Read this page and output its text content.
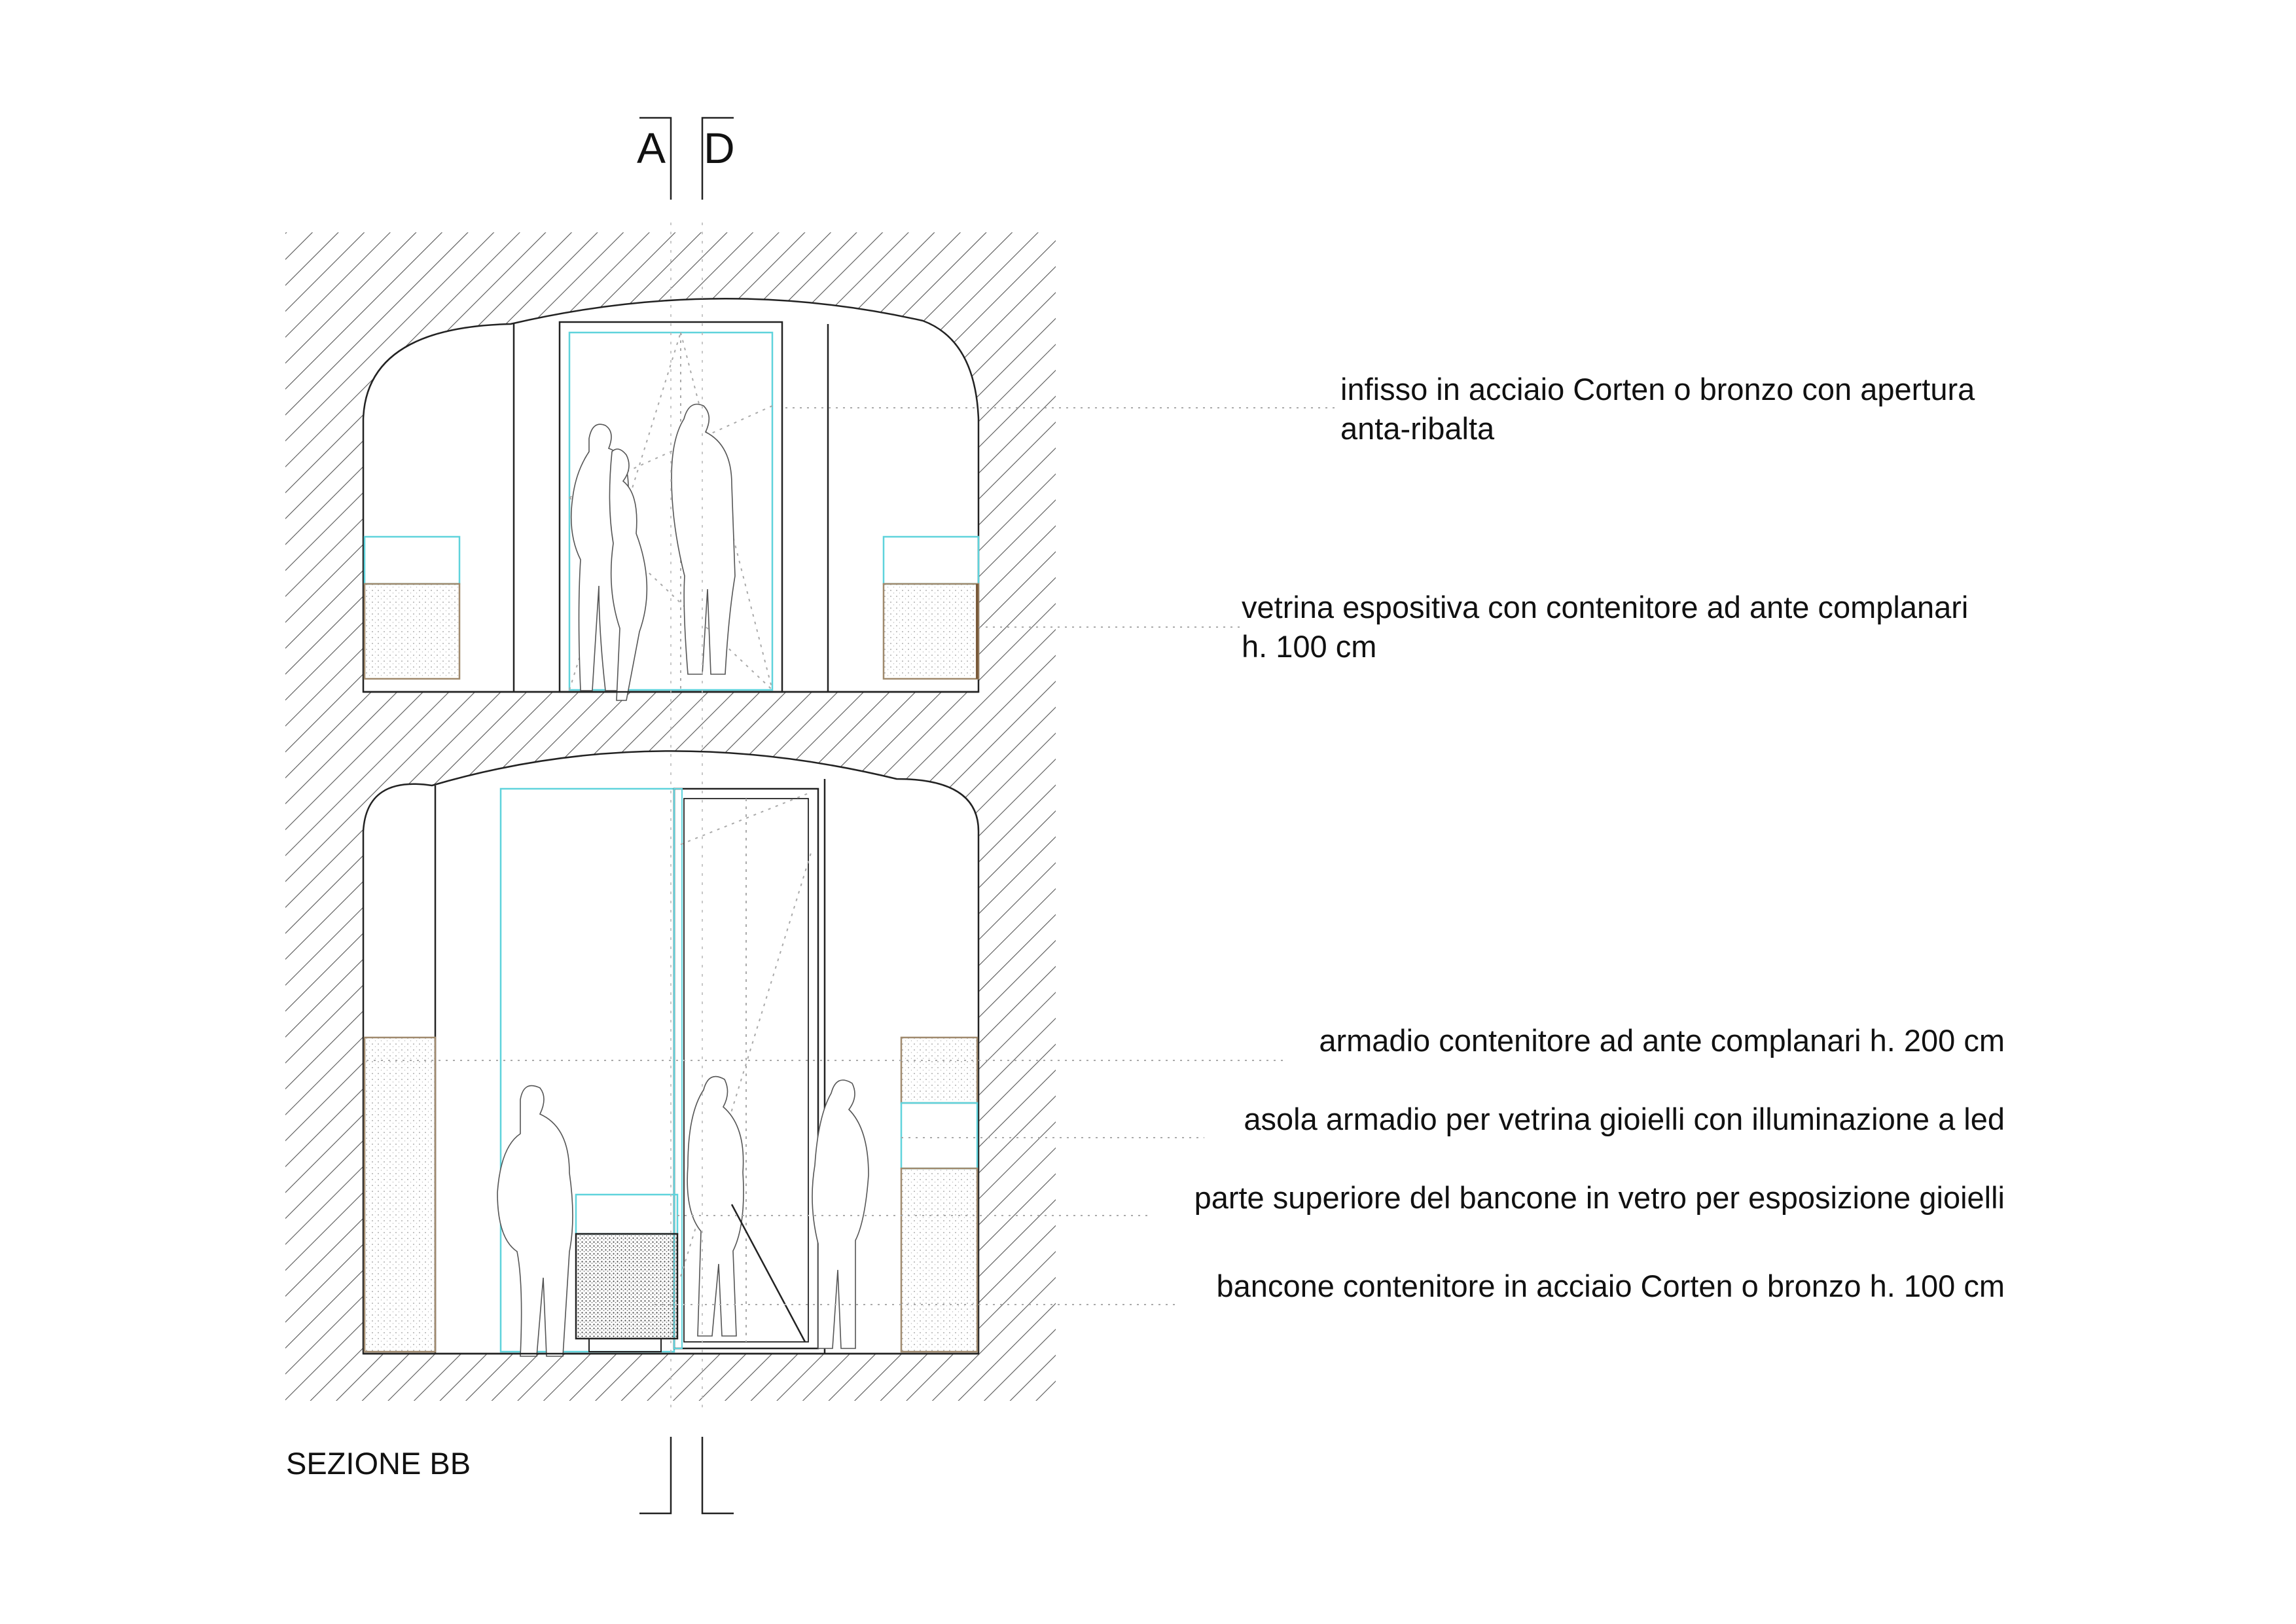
A D
infisso in acciaio Corten o bronzo con apertura
anta-ribalta
vetrina espositiva con contenitore ad ante complanari
h. 100 cm
armadio contenitore ad ante complanari h. 200 cm
asola armadio per vetrina gioielli con illuminazione a led
parte superiore del bancone in vetro per esposizione gioielli
bancone contenitore in acciaio Corten o bronzo h. 100 cm
SEZIONE BB
